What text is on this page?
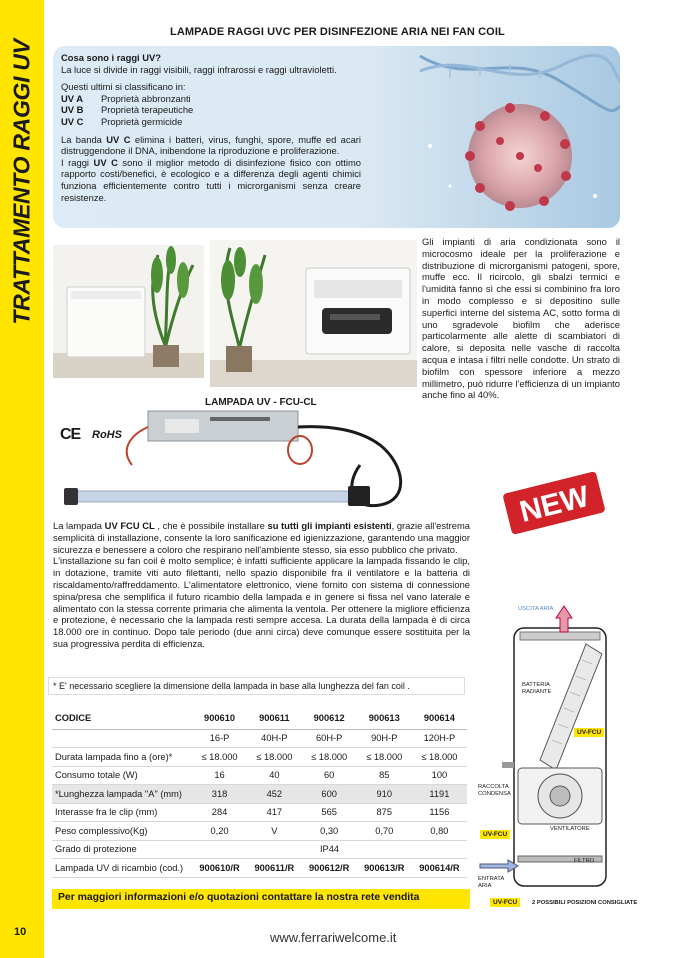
TRATTAMENTO RAGGI UV
10
LAMPADE RAGGI UVC PER DISINFEZIONE ARIA NEI FAN COIL
Cosa sono i raggi UV?
La luce si divide in raggi visibili, raggi infrarossi e raggi ultravioletti.
Questi ultimi si classificano in:
UV A	Proprietà abbronzanti
UV B	Proprietà terapeutiche
UV C	Proprietà germicide
La banda UV C elimina i batteri, virus, funghi, spore, muffe ed acari distruggendone il DNA, inibendone la riproduzione e proliferazione.
I raggi UV C sono il miglior metodo di disinfezione fisico con ottimo rapporto costi/benefici, è ecologico e a differenza degli agenti chimici funziona efficientemente contro tutti i microrganismi senza creare resistenze.
Gli impianti di aria condizionata sono il microcosmo ideale per la proliferazione e distribuzione di microrganismi patogeni, spore, muffe ecc. Il ricircolo, gli sbalzi termici e l'umidità fanno sì che essi si combinino fra loro in modo complesso e si depositino sulle superfici interne del sistema AC, sotto forma di uno sgradevole biofilm che aderisce particolarmente alle alette di scambiatori di calore, si deposita nelle vasche di raccolta acqua e intasa i filtri nelle condotte. Un strato di biofilm con spessore inferiore a mezzo millimetro, può ridurre l'efficienza di un impianto anche fino al 40%.
LAMPADA UV - FCU-CL
CE RoHS
NEW

La lampada UV FCU CL , che è possibile installare su tutti gli impianti esistenti, grazie all'estrema semplicità di installazione, consente la loro sanificazione ed igienizzazione, garantendo una maggior sicurezza e benessere a coloro che respirano nell'ambiente stesso, sia esso pubblico che privato.

L'installazione su fan coil è molto semplice; è infatti sufficiente applicare la lampada fissando le clip, in dotazione, tramite viti auto filettanti, nello spazio disponibile fra il ventilatore e la batteria di riscaldamento/raffreddamento. L'alimentatore elettronico, viene fornito con sistema di connessione spina/presa che semplifica il futuro ricambio della lampada e in genere si fissa nel vano laterale e alimentato con la stessa corrente primaria che alimenta la ventola. Per ottenere la migliore efficienza e protezione, è necessario che la lampada resti sempre accesa. La durata della lampada è di circa 18.000 ore in continuo. Dopo tale periodo (due anni circa) deve comunque essere sostituita per la sua progressiva perdita di efficienza.

* E' necessario scegliere la dimensione della lampada in base alla lunghezza del fan coil .
CODICE	900610	900611	900612	900613	900614
	16-P	40H-P	60H-P	90H-P	120H-P
Durata lampada fino a (ore)*	≤ 18.000	≤ 18.000	≤ 18.000	≤ 18.000	≤ 18.000
Consumo totale (W)	16	40	60	85	100
*Lunghezza lampada "A" (mm)	318	452	600	910	1191
Interasse fra le clip (mm)	284	417	565	875	1156
Peso complessivo(Kg)	0,20	V	0,30	0,70	0,80
Grado di protezione	IP44				
Lampada UV di ricambio (cod.)	900610/R	900611/R	900612/R	900613/R	900614/R
Per maggiori informazioni e/o quotazioni contattare la nostra rete vendita
USCITA ARIA
BATTERIA RADIANTE
UV-FCU
RACCOLTA CONDENSA
VENTILATORE
UV-FCU
FILTRO
ENTRATA ARIA
UV-FCU	2 POSSIBILI POSIZIONI CONSIGLIATE
www.ferrariwelcome.it
